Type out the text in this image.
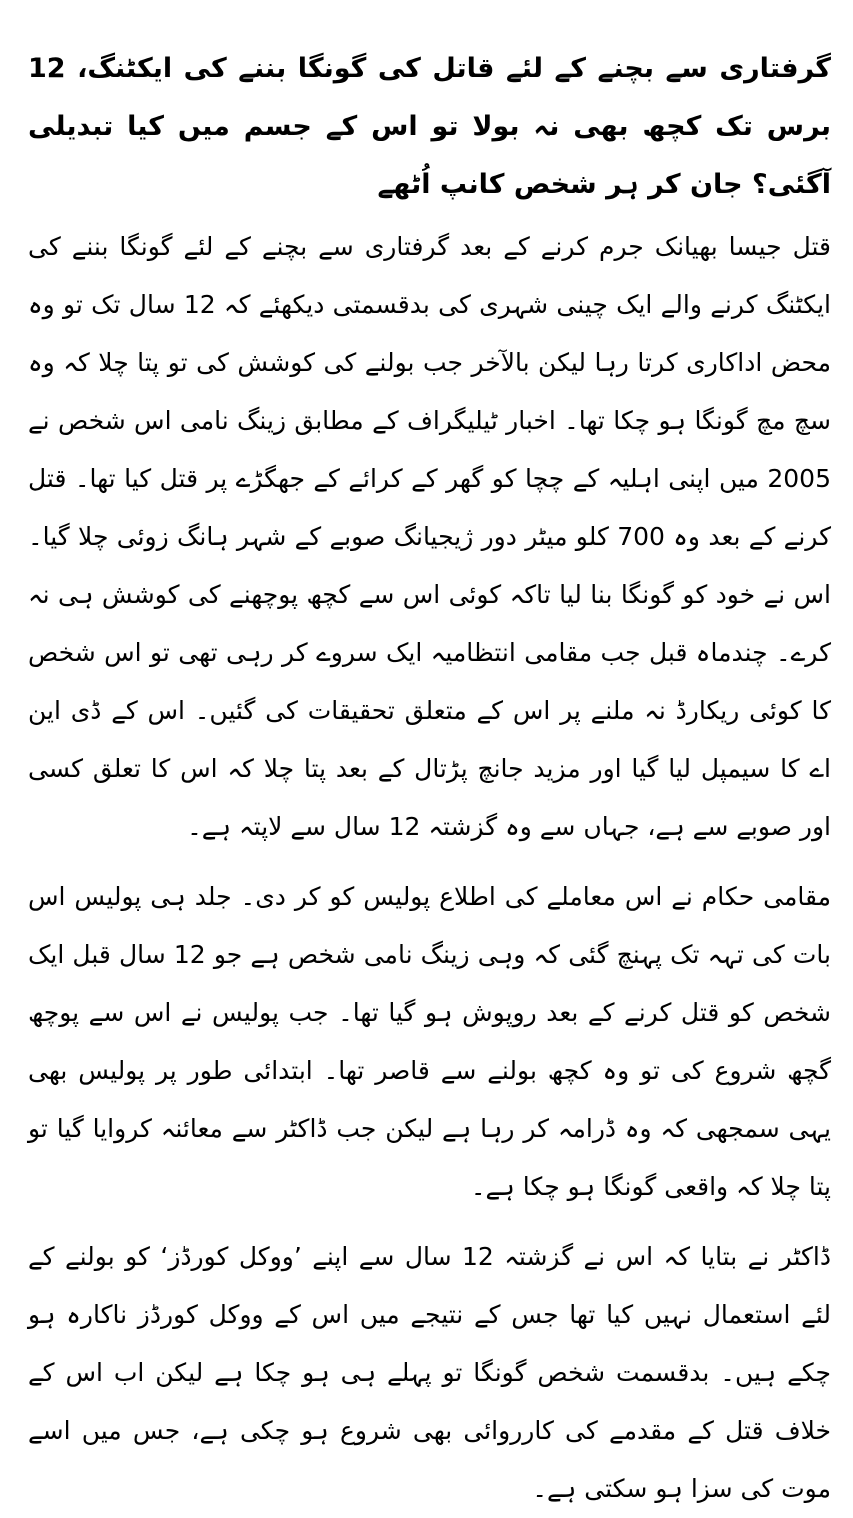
گرفتاری سے بچنے کے لئے قاتل کی گونگا بننے کی ایکٹنگ، 12 برس تک کچھ بھی نہ بولا تو اس کے جسم میں کیا تبدیلی آگئی؟ جان کر ہر شخص کانپ اُٹھے

قتل جیسا بھیانک جرم کرنے کے بعد گرفتاری سے بچنے کے لئے گونگا بننے کی ایکٹنگ کرنے والے ایک چینی شہری کی بدقسمتی دیکھئے کہ 12 سال تک تو وہ محض اداکاری کرتا رہا لیکن بالآخر جب بولنے کی کوشش کی تو پتا چلا کہ وہ سچ مچ گونگا ہو چکا تھا۔ اخبار ٹیلیگراف کے مطابق زینگ نامی اس شخص نے 2005 میں اپنی اہلیہ کے چچا کو گھر کے کرائے کے جھگڑے پر قتل کیا تھا۔ قتل کرنے کے بعد وہ 700 کلو میٹر دور ژیجیانگ صوبے کے شہر ہانگ زوئی چلا گیا۔ اس نے خود کو گونگا بنا لیا تاکہ کوئی اس سے کچھ پوچھنے کی کوشش ہی نہ کرے۔ چندماہ قبل جب مقامی انتظامیہ ایک سروے کر رہی تھی تو اس شخص کا کوئی ریکارڈ نہ ملنے پر اس کے متعلق تحقیقات کی گئیں۔ اس کے ڈی این اے کا سیمپل لیا گیا اور مزید جانچ پڑتال کے بعد پتا چلا کہ اس کا تعلق کسی اور صوبے سے ہے، جہاں سے وہ گزشتہ 12 سال سے لاپتہ ہے۔

مقامی حکام نے اس معاملے کی اطلاع پولیس کو کر دی۔ جلد ہی پولیس اس بات کی تہہ تک پہنچ گئی کہ وہی زینگ نامی شخص ہے جو 12 سال قبل ایک شخص کو قتل کرنے کے بعد روپوش ہو گیا تھا۔ جب پولیس نے اس سے پوچھ گچھ شروع کی تو وہ کچھ بولنے سے قاصر تھا۔ ابتدائی طور پر پولیس بھی یہی سمجھی کہ وہ ڈرامہ کر رہا ہے لیکن جب ڈاکٹر سے معائنہ کروایا گیا تو پتا چلا کہ واقعی گونگا ہو چکا ہے۔

ڈاکٹر نے بتایا کہ اس نے گزشتہ 12 سال سے اپنے ’ووکل کورڈز‘ کو بولنے کے لئے استعمال نہیں کیا تھا جس کے نتیجے میں اس کے ووکل کورڈز ناکارہ ہو چکے ہیں۔ بدقسمت شخص گونگا تو پہلے ہی ہو چکا ہے لیکن اب اس کے خلاف قتل کے مقدمے کی کارروائی بھی شروع ہو چکی ہے، جس میں اسے موت کی سزا ہو سکتی ہے۔
